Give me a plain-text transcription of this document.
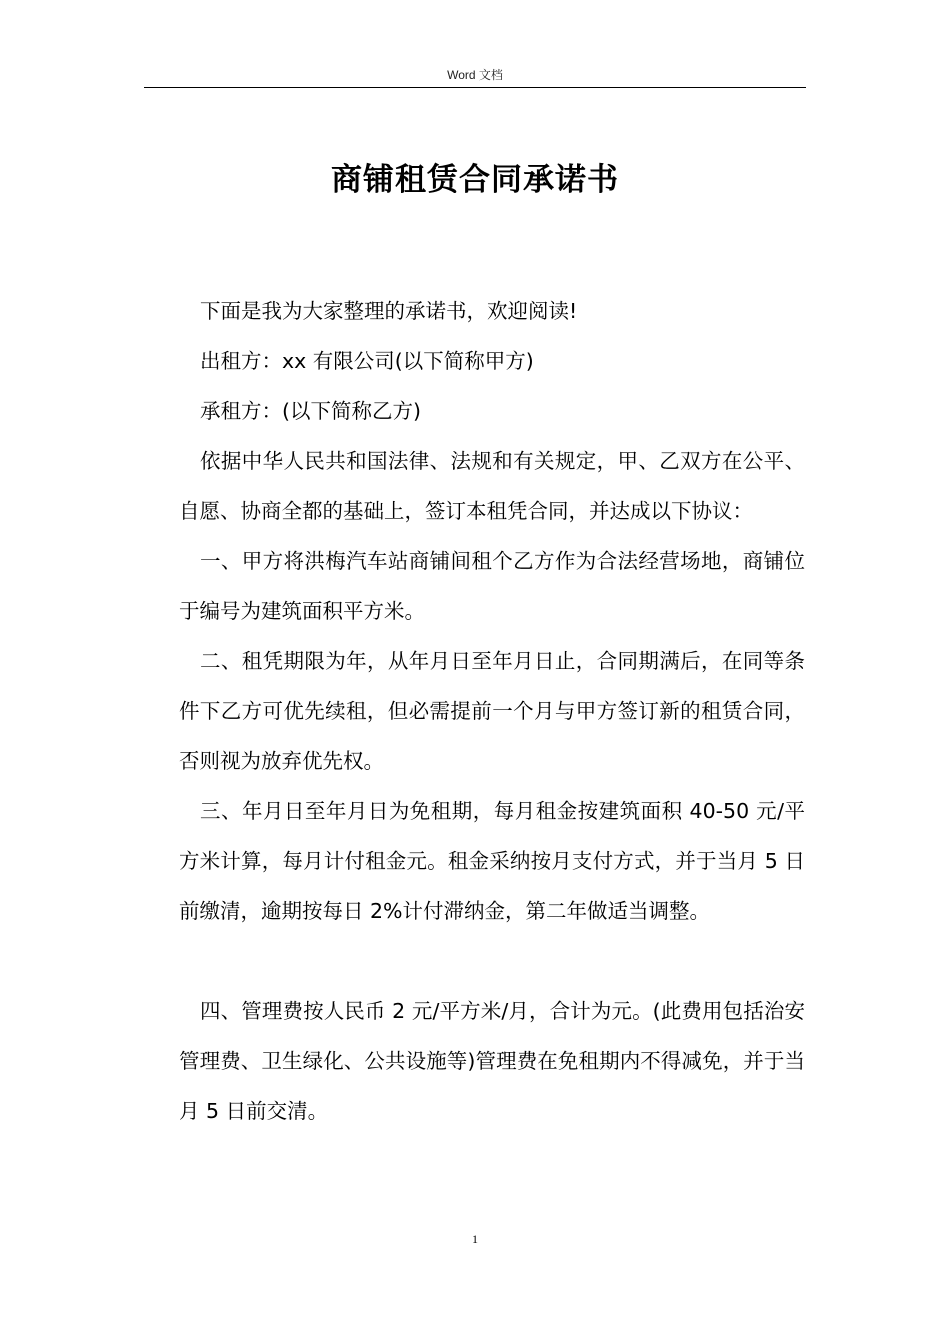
Word 文档
商铺租赁合同承诺书

下面是我为大家整理的承诺书，欢迎阅读!

出租方：xx 有限公司(以下简称甲方)

承租方：(以下简称乙方)

依据中华人民共和国法律、法规和有关规定，甲、乙双方在公平、自愿、协商全都的基础上，签订本租凭合同，并达成以下协议：

一、甲方将洪梅汽车站商铺间租个乙方作为合法经营场地，商铺位于编号为建筑面积平方米。

二、租凭期限为年，从年月日至年月日止，合同期满后，在同等条件下乙方可优先续租，但必需提前一个月与甲方签订新的租赁合同，否则视为放弃优先权。

三、年月日至年月日为免租期，每月租金按建筑面积 40-50 元/平方米计算，每月计付租金元。租金采纳按月支付方式，并于当月 5 日前缴清，逾期按每日 2%计付滞纳金，第二年做适当调整。

四、管理费按人民币 2 元/平方米/月，合计为元。(此费用包括治安管理费、卫生绿化、公共设施等)管理费在免租期内不得减免，并于当月 5 日前交清。

1
